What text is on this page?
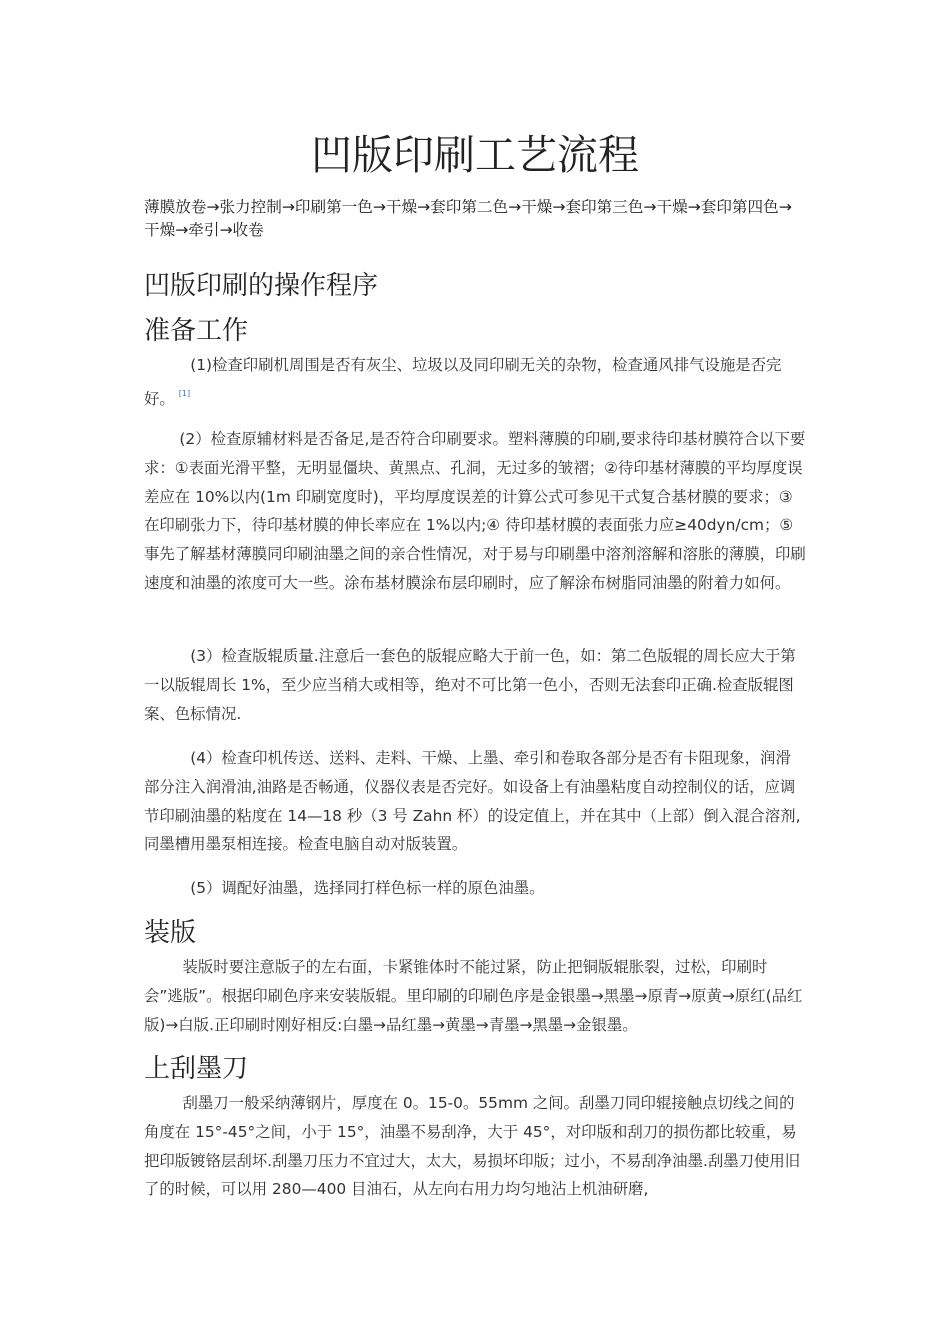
凹版印刷工艺流程

薄膜放卷→张力控制→印刷第一色→干燥→套印第二色→干燥→套印第三色→干燥→套印第四色→干燥→牵引→收卷

凹版印刷的操作程序
准备工作

(1)检查印刷机周围是否有灰尘、垃圾以及同印刷无关的杂物，检查通风排气设施是否完好。 [1]

(2）检查原辅材料是否备足,是否符合印刷要求。塑料薄膜的印刷,要求待印基材膜符合以下要求：①表面光滑平整，无明显僵块、黄黑点、孔洞，无过多的皱褶；②待印基材薄膜的平均厚度误差应在 10%以内(1m 印刷宽度时)，平均厚度误差的计算公式可参见干式复合基材膜的要求；③在印刷张力下，待印基材膜的伸长率应在 1%以内;④ 待印基材膜的表面张力应≥40dyn/cm；⑤事先了解基材薄膜同印刷油墨之间的亲合性情况，对于易与印刷墨中溶剂溶解和溶胀的薄膜，印刷速度和油墨的浓度可大一些。涂布基材膜涂布层印刷时，应了解涂布树脂同油墨的附着力如何。

(3）检查版辊质量.注意后一套色的版辊应略大于前一色，如：第二色版辊的周长应大于第一以版辊周长 1%，至少应当稍大或相等，绝对不可比第一色小，否则无法套印正确.检查版辊图案、色标情况.

(4）检查印机传送、送料、走料、干燥、上墨、牵引和卷取各部分是否有卡阻现象，润滑部分注入润滑油,油路是否畅通，仪器仪表是否完好。如设备上有油墨粘度自动控制仪的话，应调节印刷油墨的粘度在 14—18 秒（3 号 Zahn 杯）的设定值上，并在其中（上部）倒入混合溶剂,同墨槽用墨泵相连接。检查电脑自动对版装置。

(5）调配好油墨，选择同打样色标一样的原色油墨。

装版

装版时要注意版子的左右面，卡紧锥体时不能过紧，防止把铜版辊胀裂，过松，印刷时会”逃版”。根据印刷色序来安装版辊。里印刷的印刷色序是金银墨→黑墨→原青→原黄→原红(品红版)→白版.正印刷时刚好相反:白墨→品红墨→黄墨→青墨→黑墨→金银墨。

上刮墨刀

刮墨刀一般采纳薄钢片，厚度在 0。15-0。55mm 之间。刮墨刀同印辊接触点切线之间的角度在 15°-45°之间，小于 15°，油墨不易刮净，大于 45°，对印版和刮刀的损伤都比较重，易把印版镀铬层刮坏.刮墨刀压力不宜过大，太大，易损坏印版；过小，不易刮净油墨.刮墨刀使用旧了的时候，可以用 280—400 目油石，从左向右用力均匀地沾上机油研磨,
